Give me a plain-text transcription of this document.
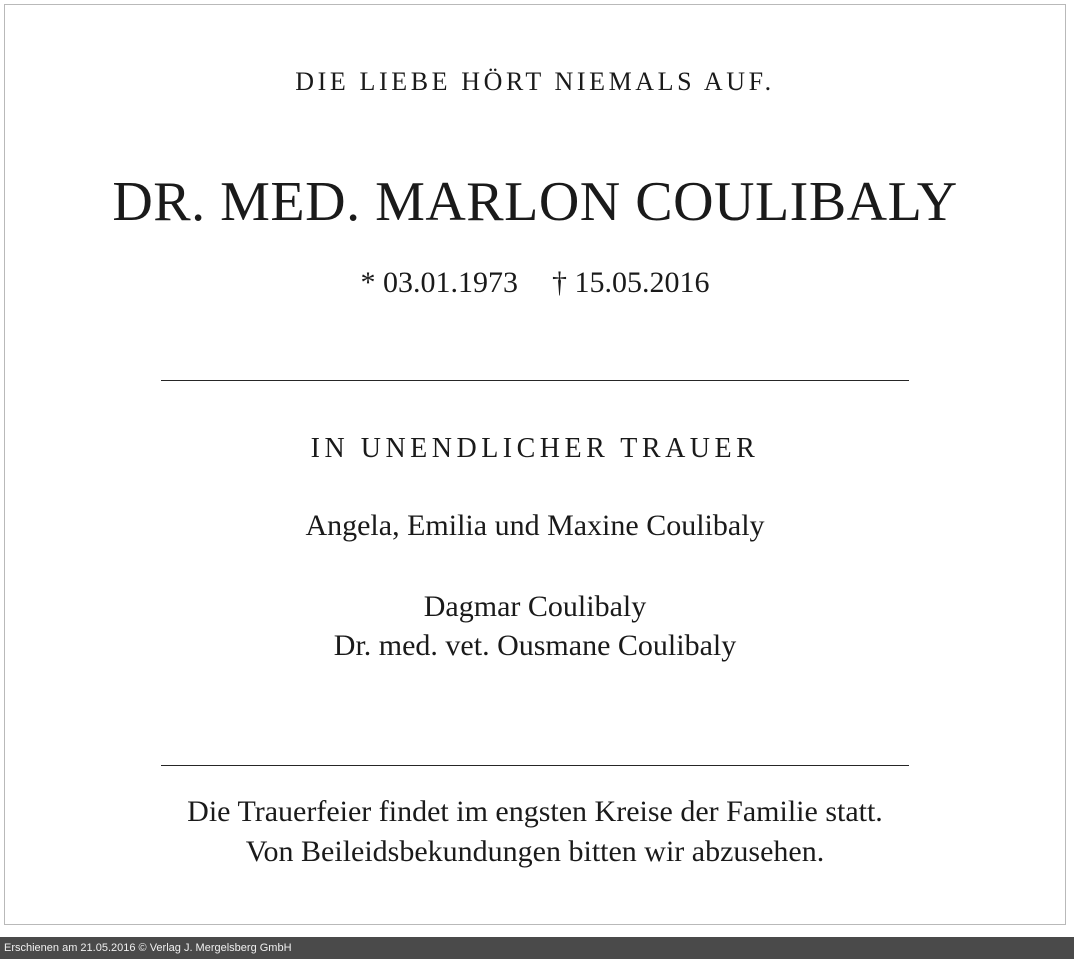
DIE LIEBE HÖRT NIEMALS AUF.
DR. MED. MARLON COULIBALY
* 03.01.1973 † 15.05.2016
IN UNENDLICHER TRAUER
Angela, Emilia und Maxine Coulibaly
Dagmar Coulibaly
Dr. med. vet. Ousmane Coulibaly
Die Trauerfeier findet im engsten Kreise der Familie statt.
Von Beileidsbekundungen bitten wir abzusehen.
Erschienen am 21.05.2016 © Verlag J. Mergelsberg GmbH
